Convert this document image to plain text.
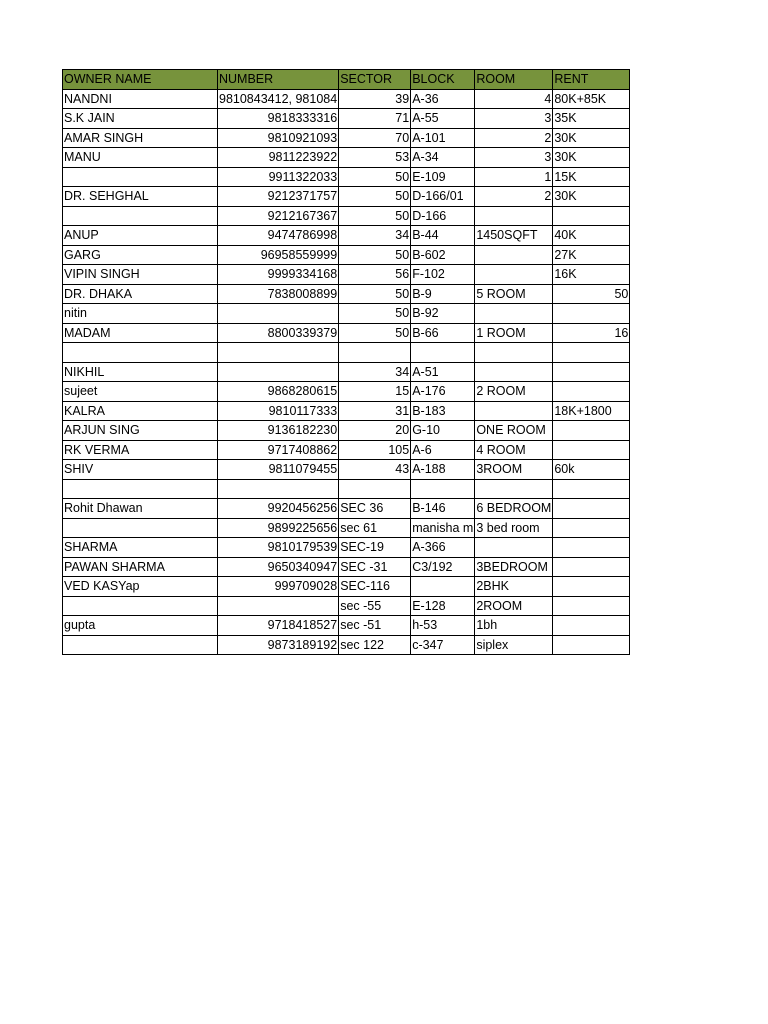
OWNER NAME	NUMBER	SECTOR	BLOCK	ROOM	RENT
NANDNI	9810843412, 981084	39	A-36	4	80K+85K
S.K JAIN	9818333316	71	A-55	3	35K
AMAR SINGH	9810921093	70	A-101	2	30K
MANU	9811223922	53	A-34	3	30K
	9911322033	50	E-109	1	15K
DR. SEHGHAL	9212371757	50	D-166/01	2	30K
	9212167367	50	D-166		
ANUP	9474786998	34	B-44	1450SQFT	40K
GARG	96958559999	50	B-602		27K
VIPIN SINGH	9999334168	56	F-102		16K
DR. DHAKA	7838008899	50	B-9	5 ROOM	50
nitin		50	B-92		
MADAM	8800339379	50	B-66	1 ROOM	16

NIKHIL		34	A-51		
sujeet	9868280615	15	A-176	2 ROOM	
KALRA	9810117333	31	B-183		18K+1800
ARJUN SING	9136182230	20	G-10	ONE ROOM	
RK VERMA	9717408862	105	A-6	4 ROOM	
SHIV	9811079455	43	A-188	3ROOM	60k

Rohit Dhawan	9920456256	SEC 36	B-146	6 BEDROOM	
	9899225656	sec 61	manisha m	3 bed room	
SHARMA	9810179539	SEC-19	A-366		
PAWAN SHARMA	9650340947	SEC -31	C3/192	3BEDROOM	
VED KASYap	999709028	SEC-116		2BHK	
		sec -55	E-128	2ROOM	
gupta	9718418527	sec -51	h-53	1bh	
	9873189192	sec 122	c-347	siplex	
